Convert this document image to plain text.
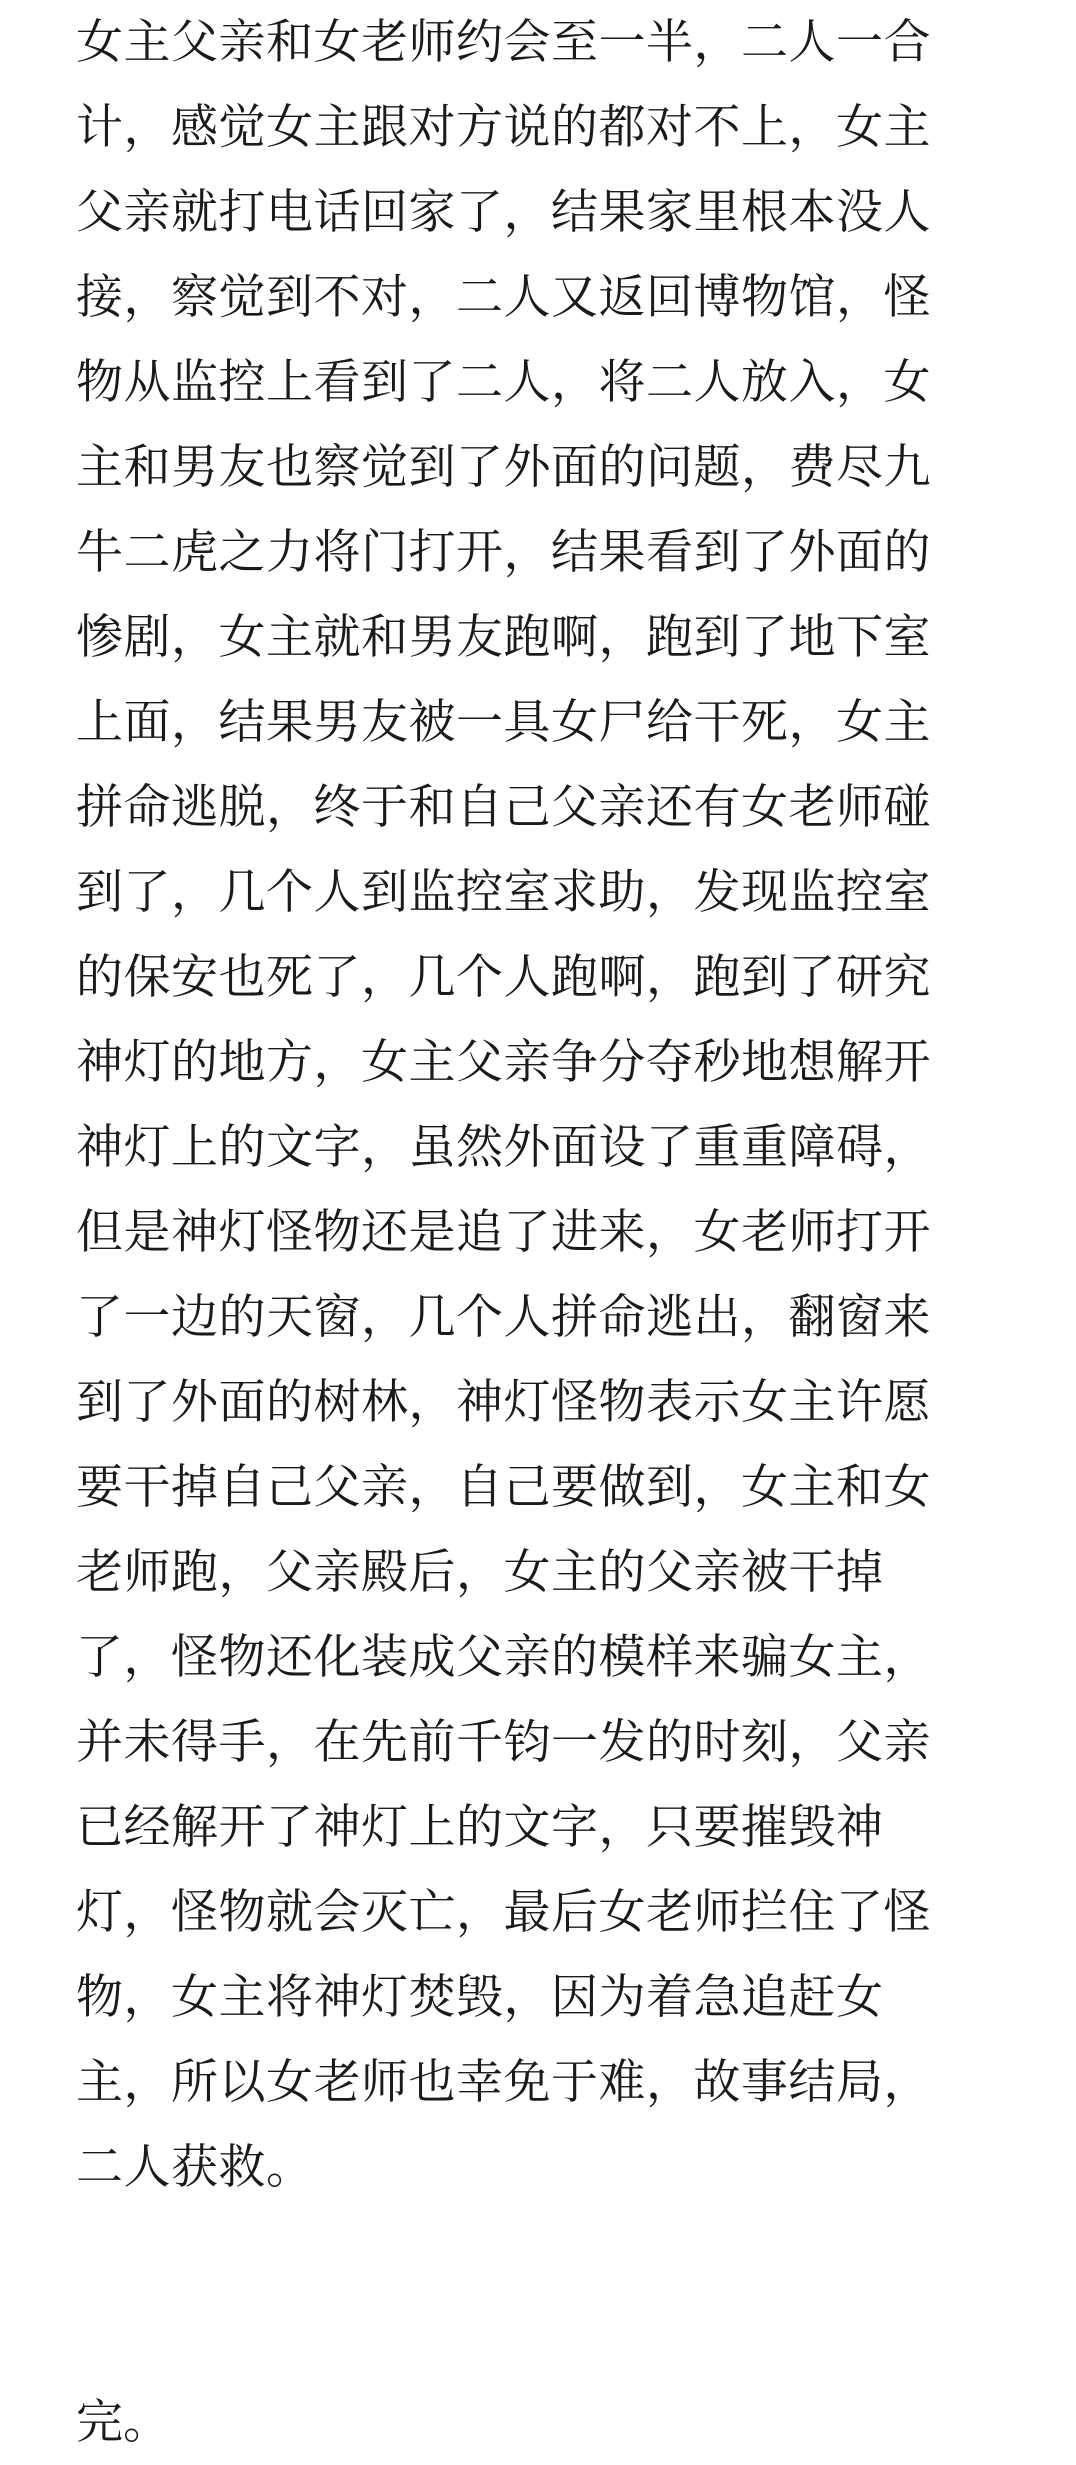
女主父亲和女老师约会至一半，二人一合
计，感觉女主跟对方说的都对不上，女主
父亲就打电话回家了，结果家里根本没人
接，察觉到不对，二人又返回博物馆，怪
物从监控上看到了二人，将二人放入，女
主和男友也察觉到了外面的问题，费尽九
牛二虎之力将门打开，结果看到了外面的
惨剧，女主就和男友跑啊，跑到了地下室
上面，结果男友被一具女尸给干死，女主
拼命逃脱，终于和自己父亲还有女老师碰
到了，几个人到监控室求助，发现监控室
的保安也死了，几个人跑啊，跑到了研究
神灯的地方，女主父亲争分夺秒地想解开
神灯上的文字，虽然外面设了重重障碍，
但是神灯怪物还是追了进来，女老师打开
了一边的天窗，几个人拼命逃出，翻窗来
到了外面的树林，神灯怪物表示女主许愿
要干掉自己父亲，自己要做到，女主和女
老师跑，父亲殿后，女主的父亲被干掉
了，怪物还化装成父亲的模样来骗女主，
并未得手，在先前千钧一发的时刻，父亲
已经解开了神灯上的文字，只要摧毁神
灯，怪物就会灭亡，最后女老师拦住了怪
物，女主将神灯焚毁，因为着急追赶女
主，所以女老师也幸免于难，故事结局，
二人获救。
完。
